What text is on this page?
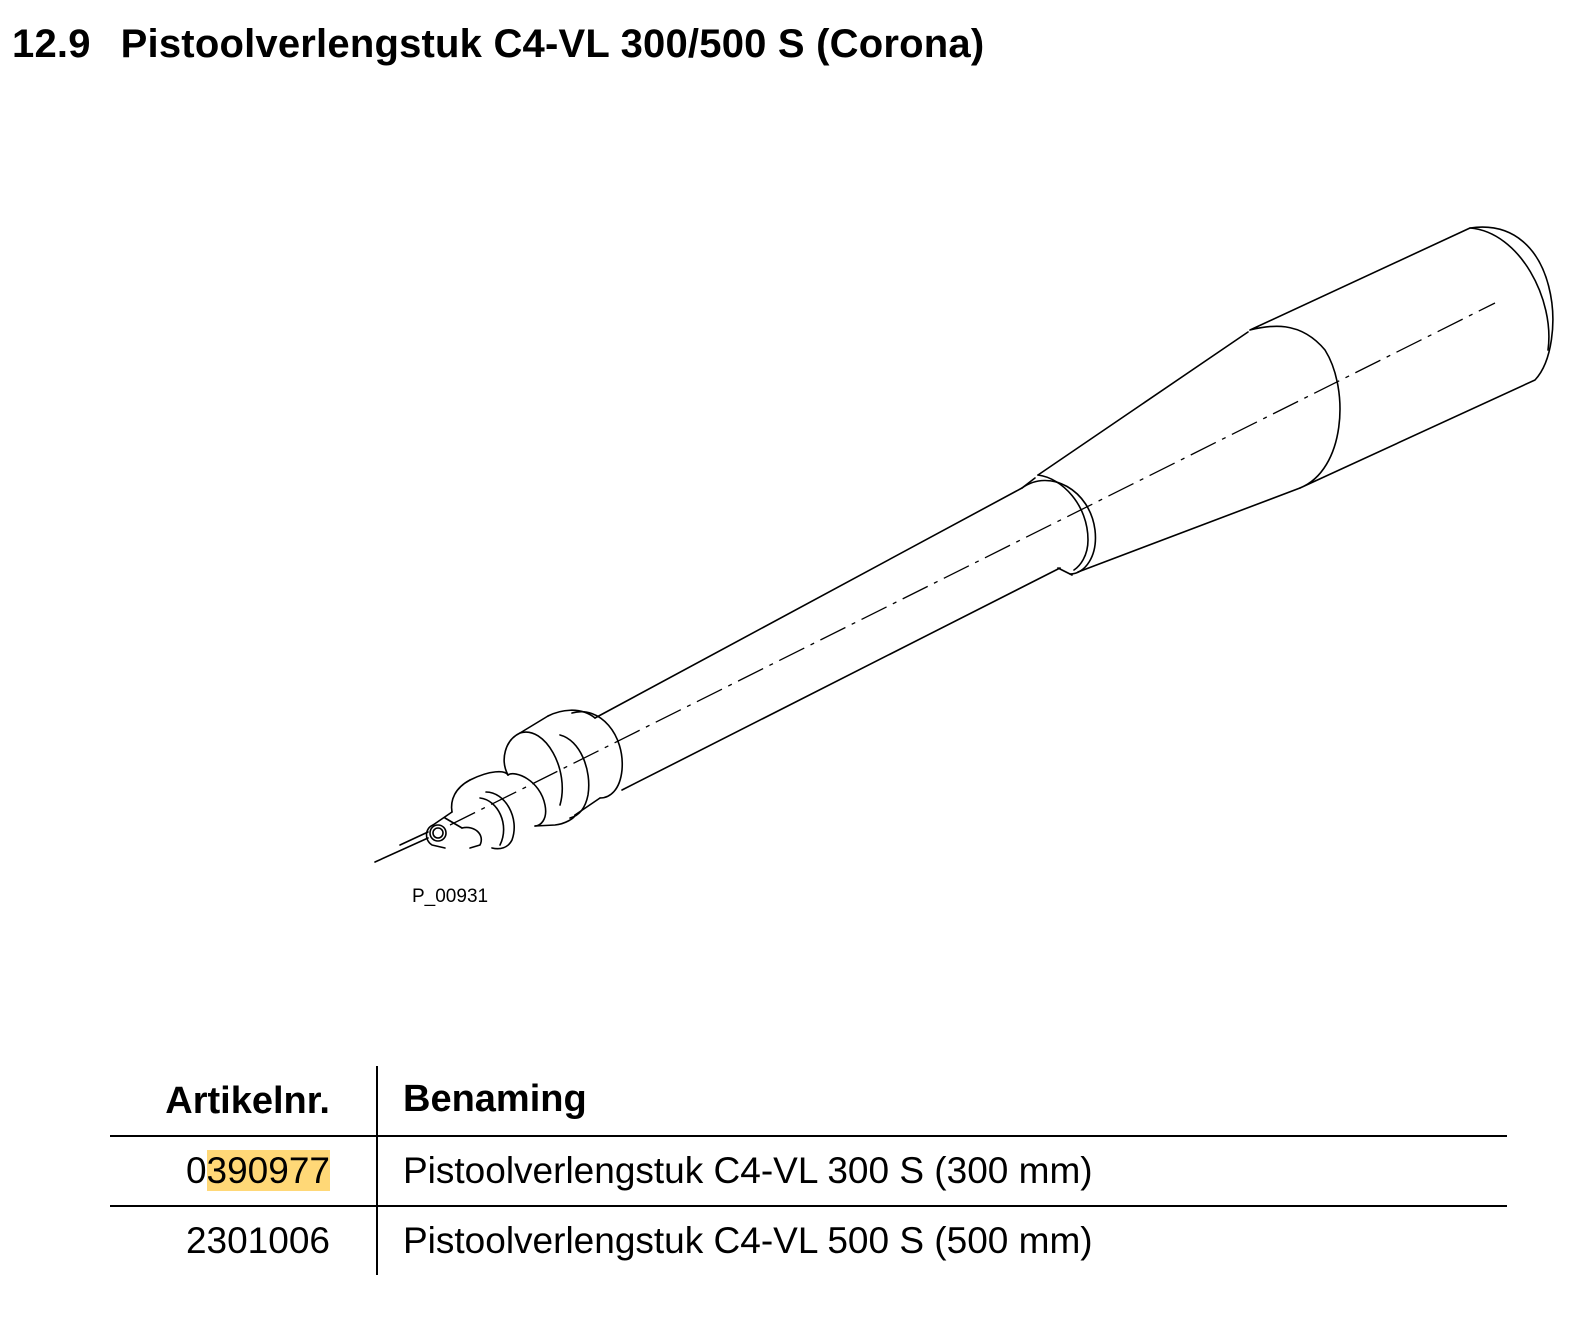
12.9 Pistoolverlengstuk C4-VL 300/500 S (Corona)
P_00931
Artikelnr.	Benaming
0390977	Pistoolverlengstuk C4-VL 300 S (300 mm)
2301006	Pistoolverlengstuk C4-VL 500 S (500 mm)
